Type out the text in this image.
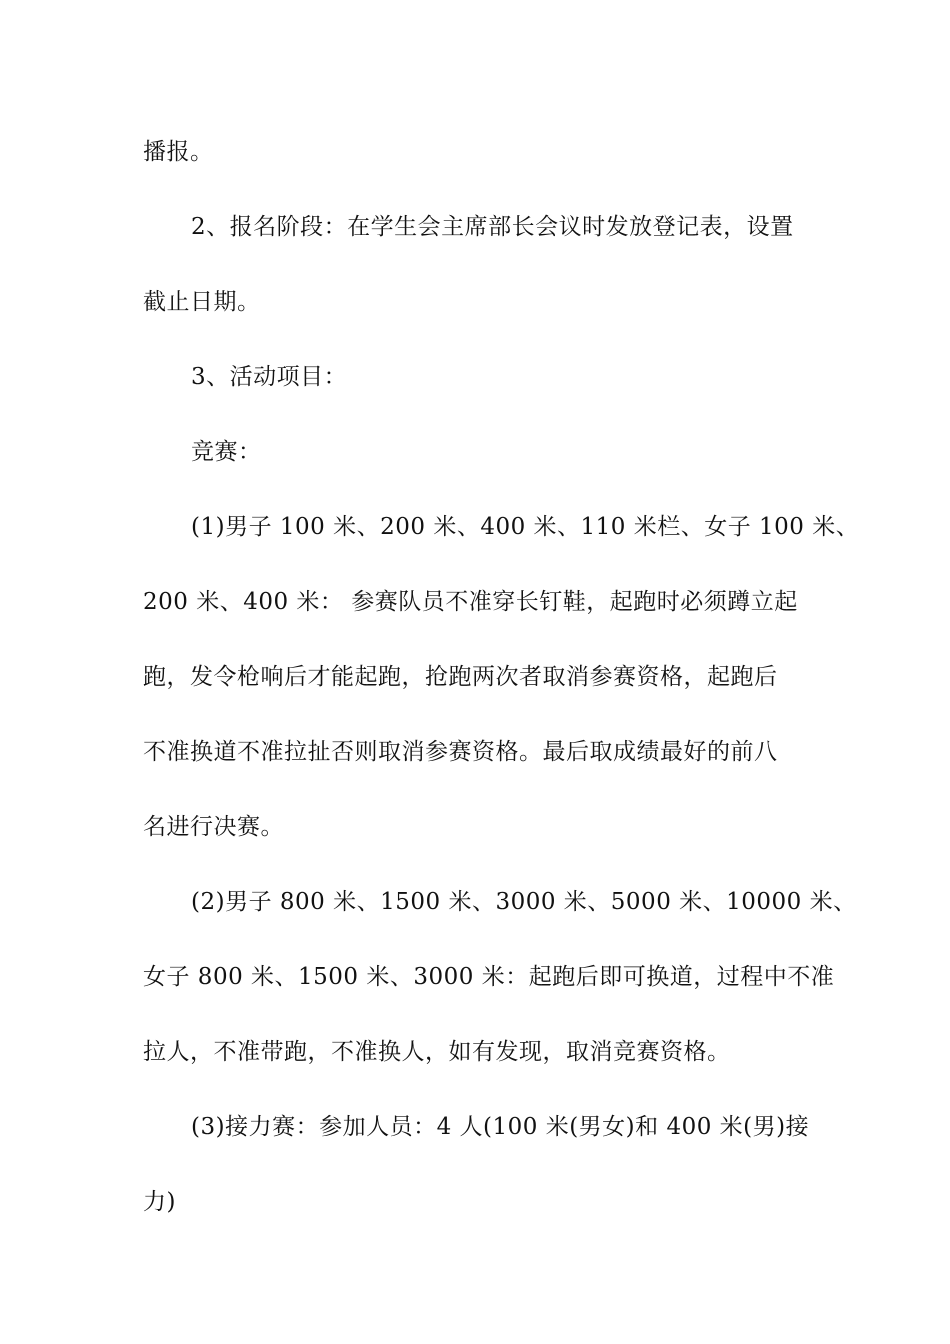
播报。
2、报名阶段：在学生会主席部长会议时发放登记表，设置
截止日期。
3、活动项目：
竞赛：
(1)男子 100 米、200 米、400 米、110 米栏、女子 100 米、
200 米、400 米： 参赛队员不准穿长钉鞋，起跑时必须蹲立起
跑，发令枪响后才能起跑，抢跑两次者取消参赛资格，起跑后
不准换道不准拉扯否则取消参赛资格。最后取成绩最好的前八
名进行决赛。
(2)男子 800 米、1500 米、3000 米、5000 米、10000 米、
女子 800 米、1500 米、3000 米：起跑后即可换道，过程中不准
拉人，不准带跑，不准换人，如有发现，取消竞赛资格。
(3)接力赛：参加人员：4 人(100 米(男女)和 400 米(男)接
力)
